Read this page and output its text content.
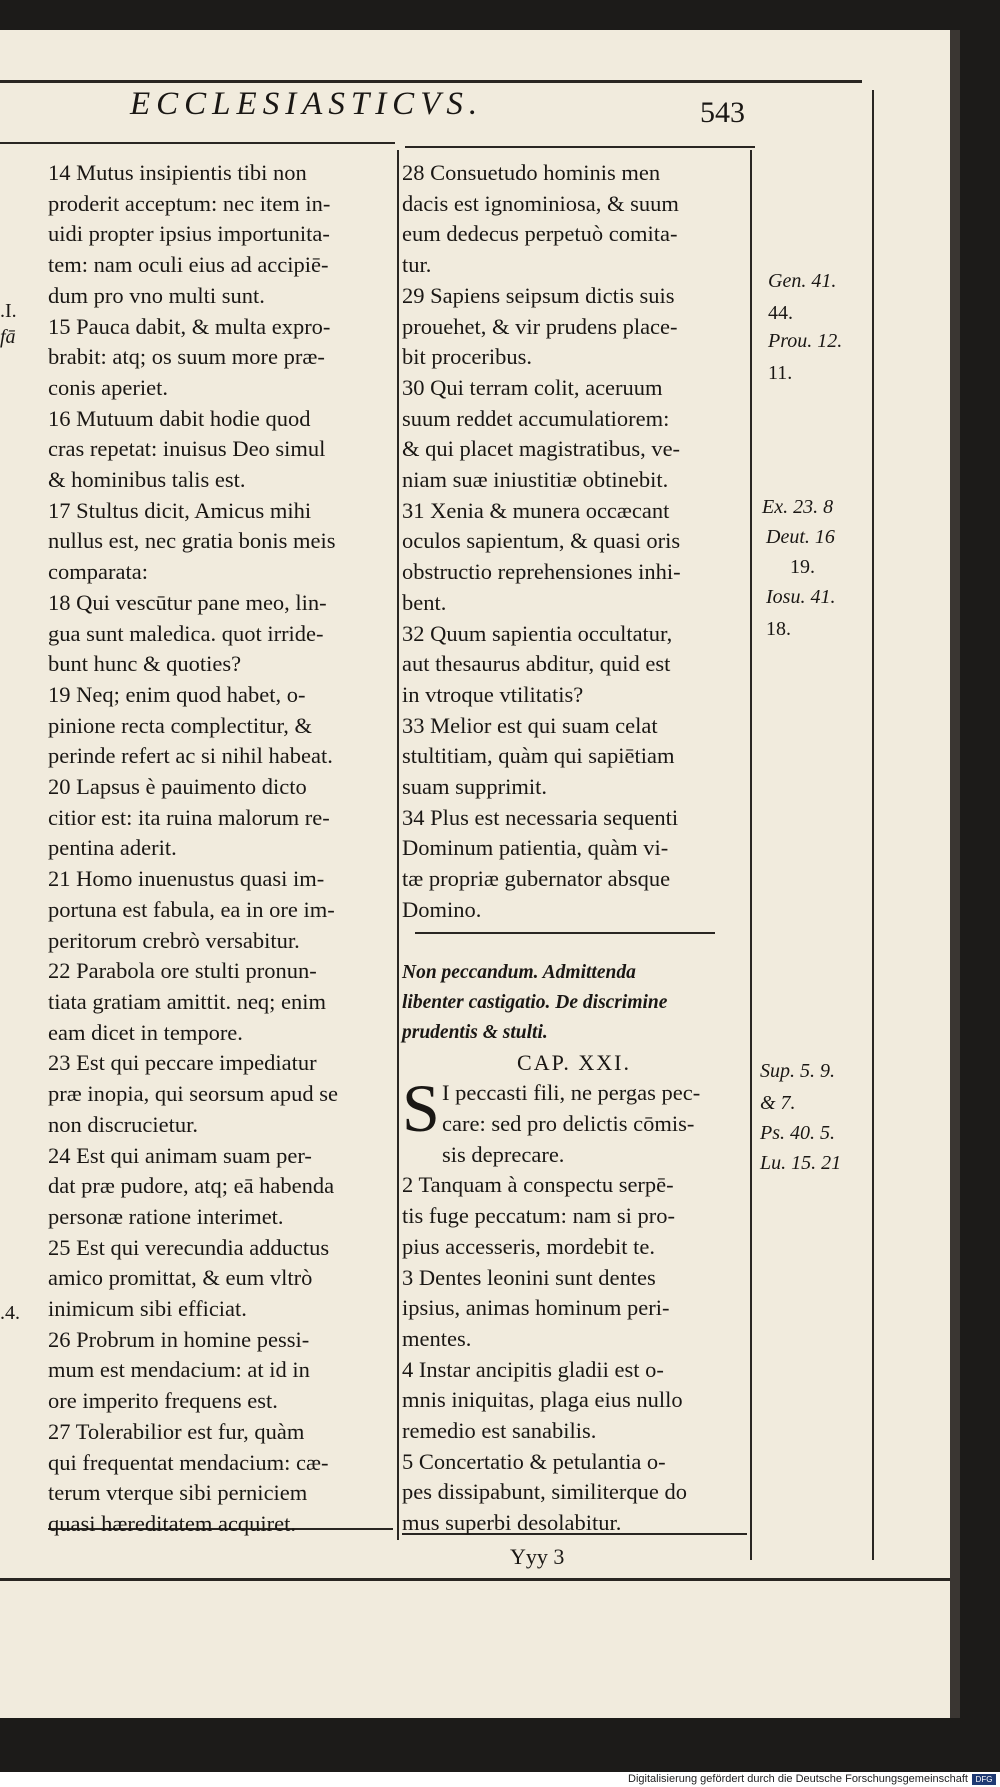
ECCLESIASTICVS.	543
14 Mutus insipientis tibi non
proderit acceptum: nec item in-
uidi propter ipsius importunita-
tem: nam oculi eius ad accipiē-
dum pro vno multi sunt.
15 Pauca dabit, & multa expro-
brabit: atq; os suum more præ-
conis aperiet.
16 Mutuum dabit hodie quod
cras repetat: inuisus Deo simul
& hominibus talis est.
17 Stultus dicit, Amicus mihi
nullus est, nec gratia bonis meis
comparata:
18 Qui vescūtur pane meo, lin-
gua sunt maledica. quot irride-
bunt hunc & quoties?
19 Neq; enim quod habet, o-
pinione recta complectitur, &
perinde refert ac si nihil habeat.
20 Lapsus è pauimento dicto
citior est: ita ruina malorum re-
pentina aderit.
21 Homo inuenustus quasi im-
portuna est fabula, ea in ore im-
peritorum crebrò versabitur.
22 Parabola ore stulti pronun-
tiata gratiam amittit. neq; enim
eam dicet in tempore.
23 Est qui peccare impediatur
præ inopia, qui seorsum apud se
non discrucietur.
24 Est qui animam suam per-
dat præ pudore, atq; eā habenda
personæ ratione interimet.
25 Est qui verecundia adductus
amico promittat, & eum vltrò
inimicum sibi efficiat.
26 Probrum in homine pessi-
mum est mendacium: at id in
ore imperito frequens est.
27 Tolerabilior est fur, quàm
qui frequentat mendacium: cæ-
terum vterque sibi perniciem
quasi hæreditatem acquiret.
28 Consuetudo hominis men
dacis est ignominiosa, & suum
eum dedecus perpetuò comita-
tur.
29 Sapiens seipsum dictis suis
prouehet, & vir prudens place-
bit proceribus.
30 Qui terram colit, aceruum
suum reddet accumulatiorem:
& qui placet magistratibus, ve-
niam suæ iniustitiæ obtinebit.
31 Xenia & munera occæcant
oculos sapientum, & quasi oris
obstructio reprehensiones inhi-
bent.
32 Quum sapientia occultatur,
aut thesaurus abditur, quid est
in vtroque vtilitatis?
33 Melior est qui suam celat
stultitiam, quàm qui sapiētiam
suam supprimit.
34 Plus est necessaria sequenti
Dominum patientia, quàm vi-
tæ propriæ gubernator absque
Domino.
Non peccandum. Admittenda
libenter castigatio. De discrimine
prudentis & stulti.
CAP. XXI.
S I peccasti fili, ne pergas pec-
care: sed pro delictis cōmis-
sis deprecare.
2 Tanquam à conspectu serpē-
tis fuge peccatum: nam si pro-
pius accesseris, mordebit te.
3 Dentes leonini sunt dentes
ipsius, animas hominum peri-
mentes.
4 Instar ancipitis gladii est o-
mnis iniquitas, plaga eius nullo
remedio est sanabilis.
5 Concertatio & petulantia o-
pes dissipabunt, similiterque do
mus superbi desolabitur.
Gen. 41.
44.
Prou. 12.
11.
Ex. 23. 8
Deut. 16
19.
Iosu. 41.
18.
Sup. 5. 9.
& 7.
Ps. 40. 5.
Lu. 15. 21
.I.
fā
.4.
Yyy 3
Digitalisierung gefördert durch die Deutsche Forschungsgemeinschaft DFG
